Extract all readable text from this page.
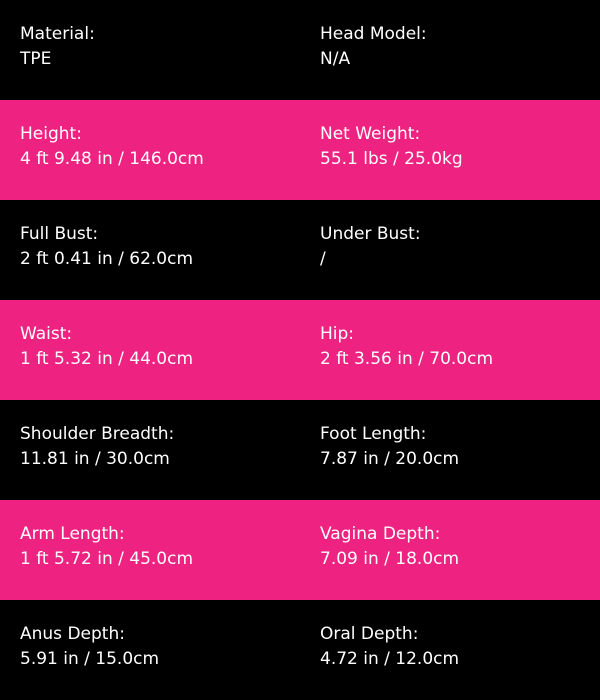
Material:
TPE
Head Model:
N/A
Height:
4 ft 9.48 in / 146.0cm
Net Weight:
55.1 lbs / 25.0kg
Full Bust:
2 ft 0.41 in / 62.0cm
Under Bust:
/
Waist:
1 ft 5.32 in / 44.0cm
Hip:
2 ft 3.56 in / 70.0cm
Shoulder Breadth:
11.81 in / 30.0cm
Foot Length:
7.87 in / 20.0cm
Arm Length:
1 ft 5.72 in / 45.0cm
Vagina Depth:
7.09 in / 18.0cm
Anus Depth:
5.91 in / 15.0cm
Oral Depth:
4.72 in / 12.0cm
